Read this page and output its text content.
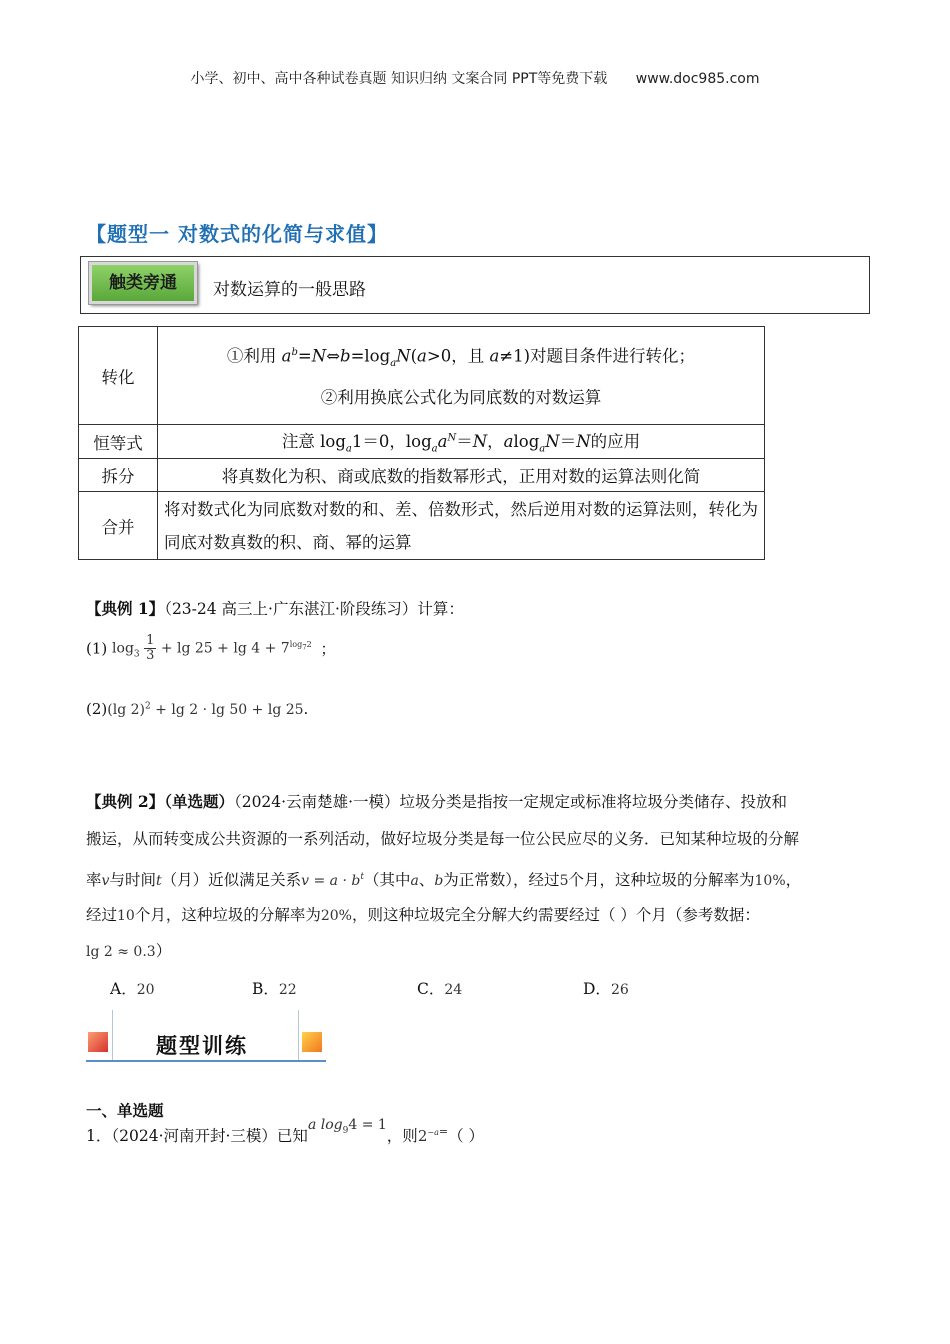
小学、初中、高中各种试卷真题 知识归纳 文案合同 PPT等免费下载 www.doc985.com
【题型一 对数式的化简与求值】
触类旁通	对数运算的一般思路
转化	①利用 $a^b=N\Leftrightarrow b=\log_aN(a>0$，且 a≠1)对题目条件进行转化；
②利用换底公式化为同底数的对数运算

恒等式	注意 $\log_a1=0$，$\log_aa^N=N$，alog$_a$N＝N的应用
拆分	将真数化为积、商或底数的指数幂形式，正用对数的运算法则化简
合并	将对数式化为同底数对数的和、差、倍数形式，然后逆用对数的运算法则，转化为同底对数真数的积、商、幂的运算
【典例 1】（23-24 高三上·广东湛江·阶段练习）计算：
(1) $\log_3 \frac{1}{3} + \lg 25 + \lg 4 + 7^{log_72}$ ；
(2)(lg 2)$^2$ + lg 2 · lg 50 + lg 25.
【典例 2】（单选题）（2024·云南楚雄·一模）垃圾分类是指按一定规定或标准将垃圾分类储存、投放和
搬运，从而转变成公共资源的一系列活动，做好垃圾分类是每一位公民应尽的义务．已知某种垃圾的分解
率v与时间t（月）近似满足关系$v = a \cdot b^t$（其中a、b为正常数），经过5个月，这种垃圾的分解率为10%，
经过10个月，这种垃圾的分解率为20%，则这种垃圾完全分解大约需要经过（ ）个月（参考数据：
lg 2 ≈ 0.3）
A．20	B．22	C．24	D．26
题型训练
一、单选题
1．（2024·河南开封·三模）已知a $\log_94 = 1$，则$2^{-a=}$（ ）
